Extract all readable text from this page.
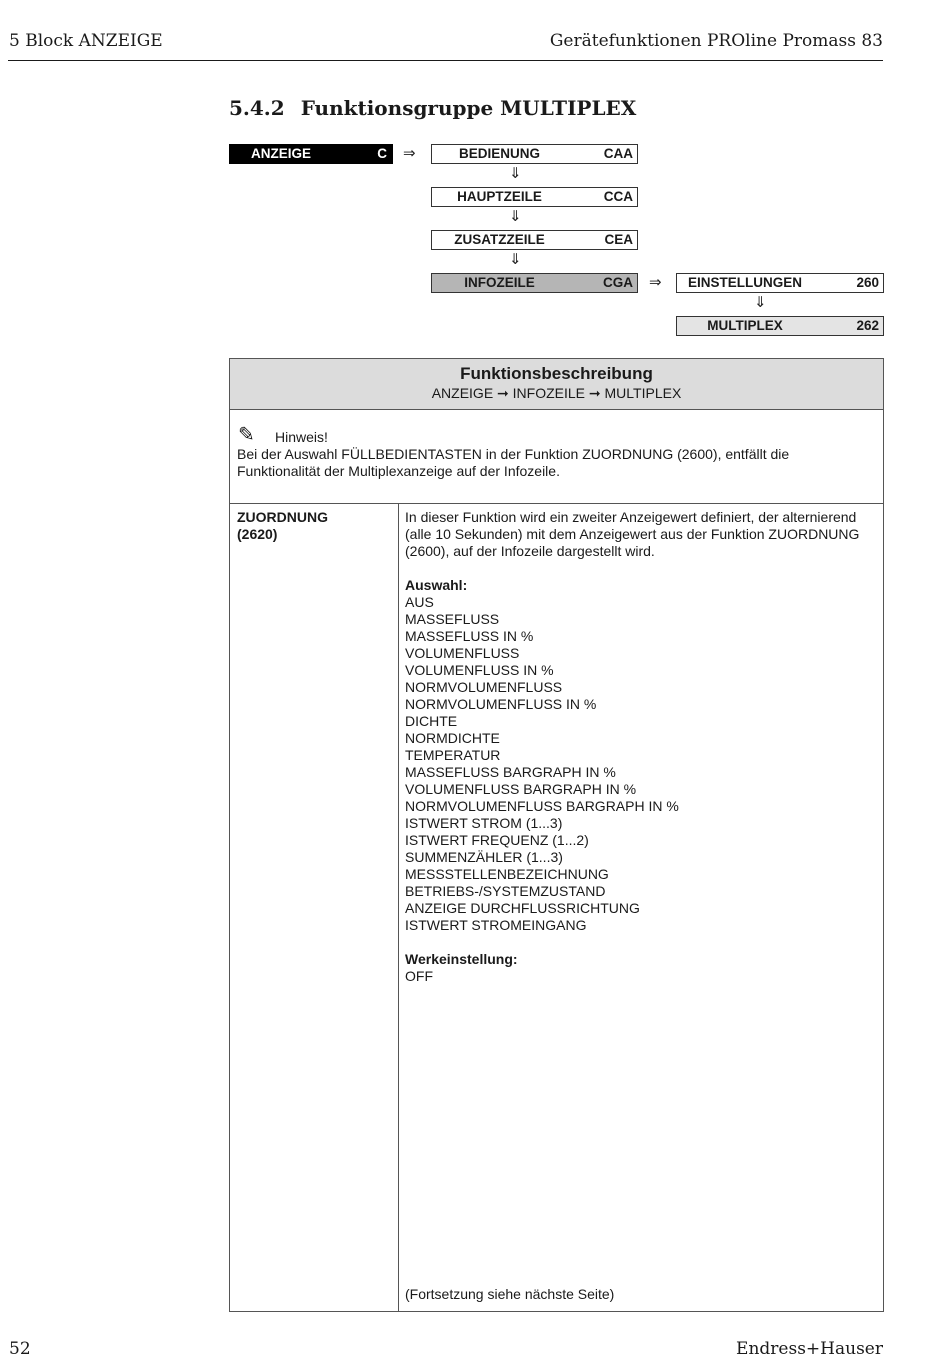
5 Block ANZEIGE	Gerätefunktionen PROline Promass 83
5.4.2 Funktionsgruppe MULTIPLEX
ANZEIGE	C ⇒	BEDIENUNG	CAA
⇓
HAUPTZEILE	CCA
⇓
ZUSATZZEILE	CEA
⇓
INFOZEILE	CGA ⇒	EINSTELLUNGEN	260
⇓
MULTIPLEX	262
Funktionsbeschreibung
ANZEIGE ➞ INFOZEILE ➞ MULTIPLEX
✎ Hinweis!
Bei der Auswahl FÜLLBEDIENTASTEN in der Funktion ZUORDNUNG (2600), entfällt die Funktionalität der Multiplexanzeige auf der Infozeile.
ZUORDNUNG
(2620)
In dieser Funktion wird ein zweiter Anzeigewert definiert, der alternierend (alle 10 Sekunden) mit dem Anzeigewert aus der Funktion ZUORDNUNG (2600), auf der Infozeile dargestellt wird.
Auswahl:
AUS
MASSEFLUSS
MASSEFLUSS IN %
VOLUMENFLUSS
VOLUMENFLUSS IN %
NORMVOLUMENFLUSS
NORMVOLUMENFLUSS IN %
DICHTE
NORMDICHTE
TEMPERATUR
MASSEFLUSS BARGRAPH IN %
VOLUMENFLUSS BARGRAPH IN %
NORMVOLUMENFLUSS BARGRAPH IN %
ISTWERT STROM (1...3)
ISTWERT FREQUENZ (1...2)
SUMMENZÄHLER (1...3)
MESSSTELLENBEZEICHNUNG
BETRIEBS-/SYSTEMZUSTAND
ANZEIGE DURCHFLUSSRICHTUNG
ISTWERT STROMEINGANG
Werkeinstellung:
OFF
(Fortsetzung siehe nächste Seite)
52	Endress+Hauser
